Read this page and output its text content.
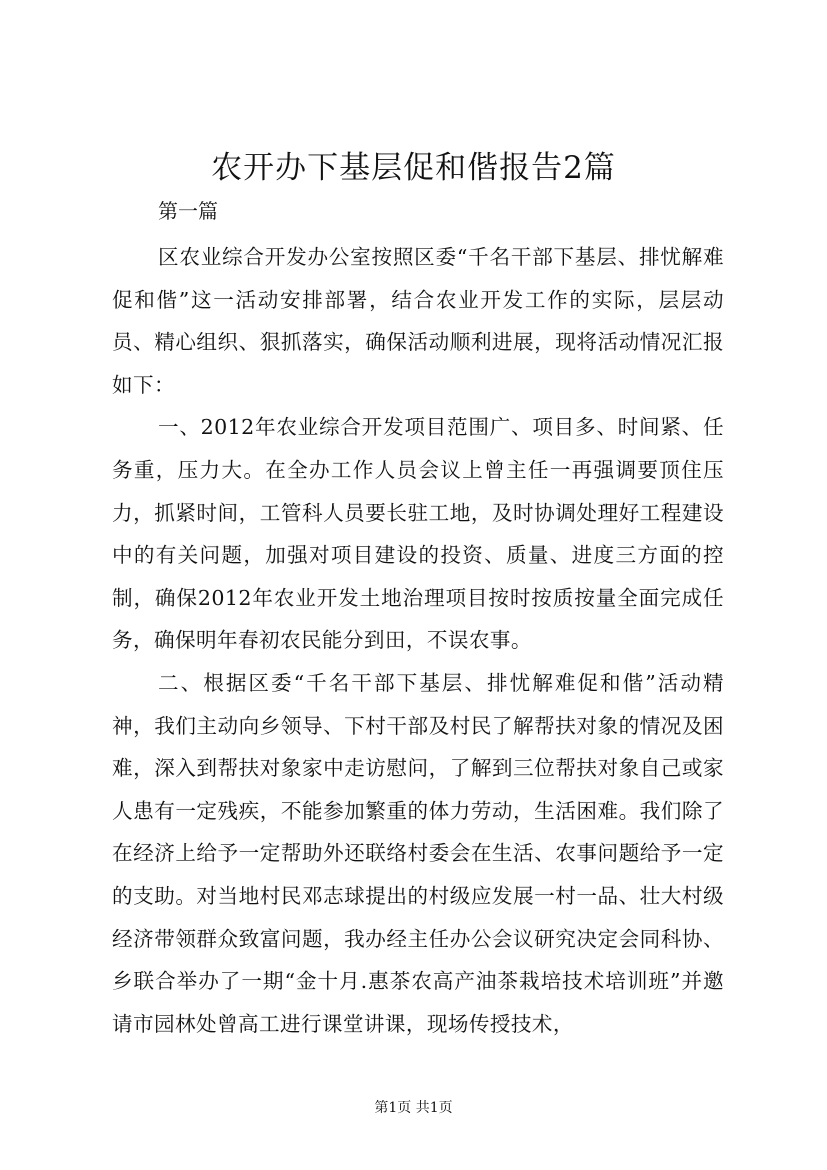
农开办下基层促和偕报告2篇

第一篇

区农业综合开发办公室按照区委“千名干部下基层、排忧解难促和偕”这一活动安排部署，结合农业开发工作的实际，层层动员、精心组织、狠抓落实，确保活动顺利进展，现将活动情况汇报如下：

一、2012年农业综合开发项目范围广、项目多、时间紧、任务重，压力大。在全办工作人员会议上曾主任一再强调要顶住压力，抓紧时间，工管科人员要长驻工地，及时协调处理好工程建设中的有关问题，加强对项目建设的投资、质量、进度三方面的控制，确保2012年农业开发土地治理项目按时按质按量全面完成任务，确保明年春初农民能分到田，不误农事。

二、根据区委“千名干部下基层、排忧解难促和偕”活动精神，我们主动向乡领导、下村干部及村民了解帮扶对象的情况及困难，深入到帮扶对象家中走访慰问，了解到三位帮扶对象自己或家人患有一定残疾，不能参加繁重的体力劳动，生活困难。我们除了在经济上给予一定帮助外还联络村委会在生活、农事问题给予一定的支助。对当地村民邓志球提出的村级应发展一村一品、壮大村级经济带领群众致富问题，我办经主任办公会议研究决定会同科协、乡联合举办了一期“金十月.惠茶农高产油茶栽培技术培训班”并邀请市园林处曾高工进行课堂讲课，现场传授技术，

第1页 共1页
